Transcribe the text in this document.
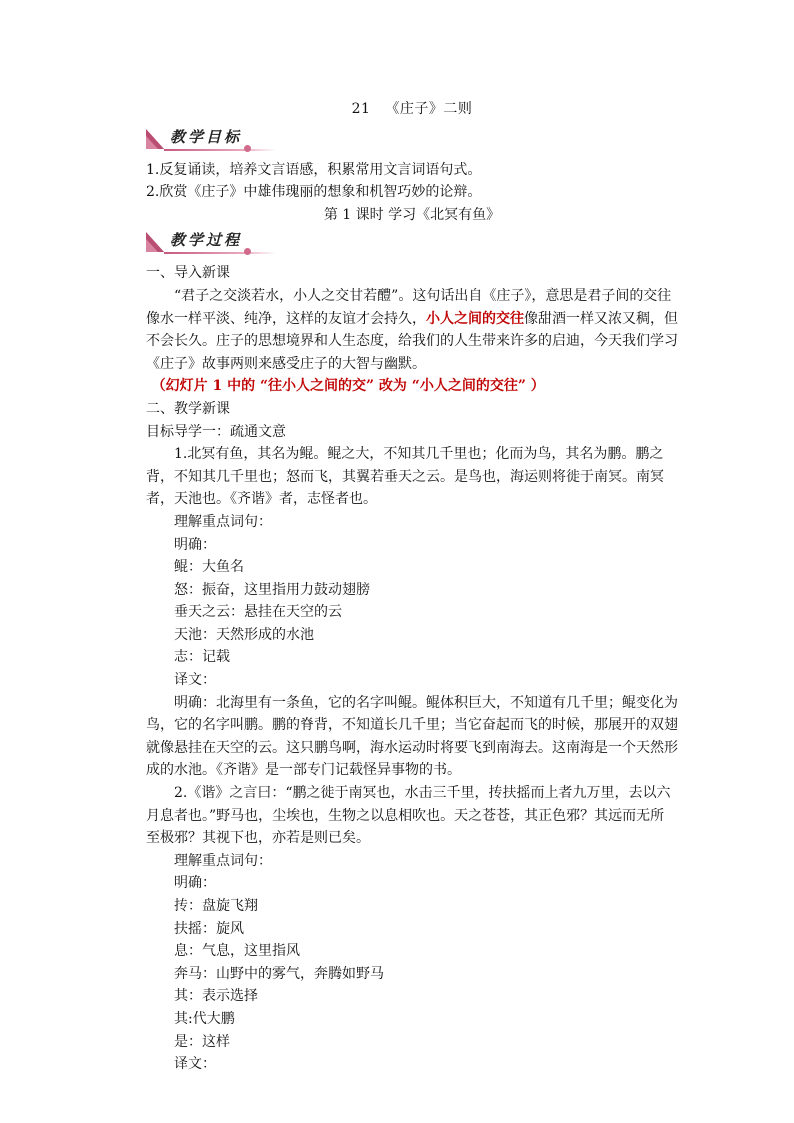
21 《庄子》二则
教学目标

1.反复诵读，培养文言语感，积累常用文言词语句式。

2.欣赏《庄子》中雄伟瑰丽的想象和机智巧妙的论辩。

第 1 课时 学习《北冥有鱼》

教学过程

一、导入新课

“君子之交淡若水，小人之交甘若醴”。这句话出自《庄子》，意思是君子间的交往像水一样平淡、纯净，这样的友谊才会持久，小人之间的交往像甜酒一样又浓又稠，但不会长久。庄子的思想境界和人生态度，给我们的人生带来许多的启迪，今天我们学习《庄子》故事两则来感受庄子的大智与幽默。

（幻灯片 1 中的 “往小人之间的交” 改为 “小人之间的交往” ）

二、教学新课

目标导学一：疏通文意

1.北冥有鱼，其名为鲲。鲲之大，不知其几千里也；化而为鸟，其名为鹏。鹏之背，不知其几千里也；怒而飞，其翼若垂天之云。是鸟也，海运则将徙于南冥。南冥者，天池也。《齐谐》者，志怪者也。

理解重点词句：

明确：

鲲：大鱼名

怒：振奋，这里指用力鼓动翅膀

垂天之云：悬挂在天空的云

天池：天然形成的水池

志：记载

译文：

明确：北海里有一条鱼，它的名字叫鲲。鲲体积巨大，不知道有几千里；鲲变化为鸟，它的名字叫鹏。鹏的脊背，不知道长几千里；当它奋起而飞的时候，那展开的双翅就像悬挂在天空的云。这只鹏鸟啊，海水运动时将要飞到南海去。这南海是一个天然形成的水池。《齐谐》是一部专门记载怪异事物的书。

2.《谐》之言曰：“鹏之徙于南冥也，水击三千里，抟扶摇而上者九万里，去以六月息者也。”野马也，尘埃也，生物之以息相吹也。天之苍苍，其正色邪？其远而无所至极邪？其视下也，亦若是则已矣。

理解重点词句：

明确：

抟：盘旋飞翔

扶摇：旋风

息：气息，这里指风

奔马：山野中的雾气，奔腾如野马

其：表示选择

其:代大鹏

是：这样

译文：
